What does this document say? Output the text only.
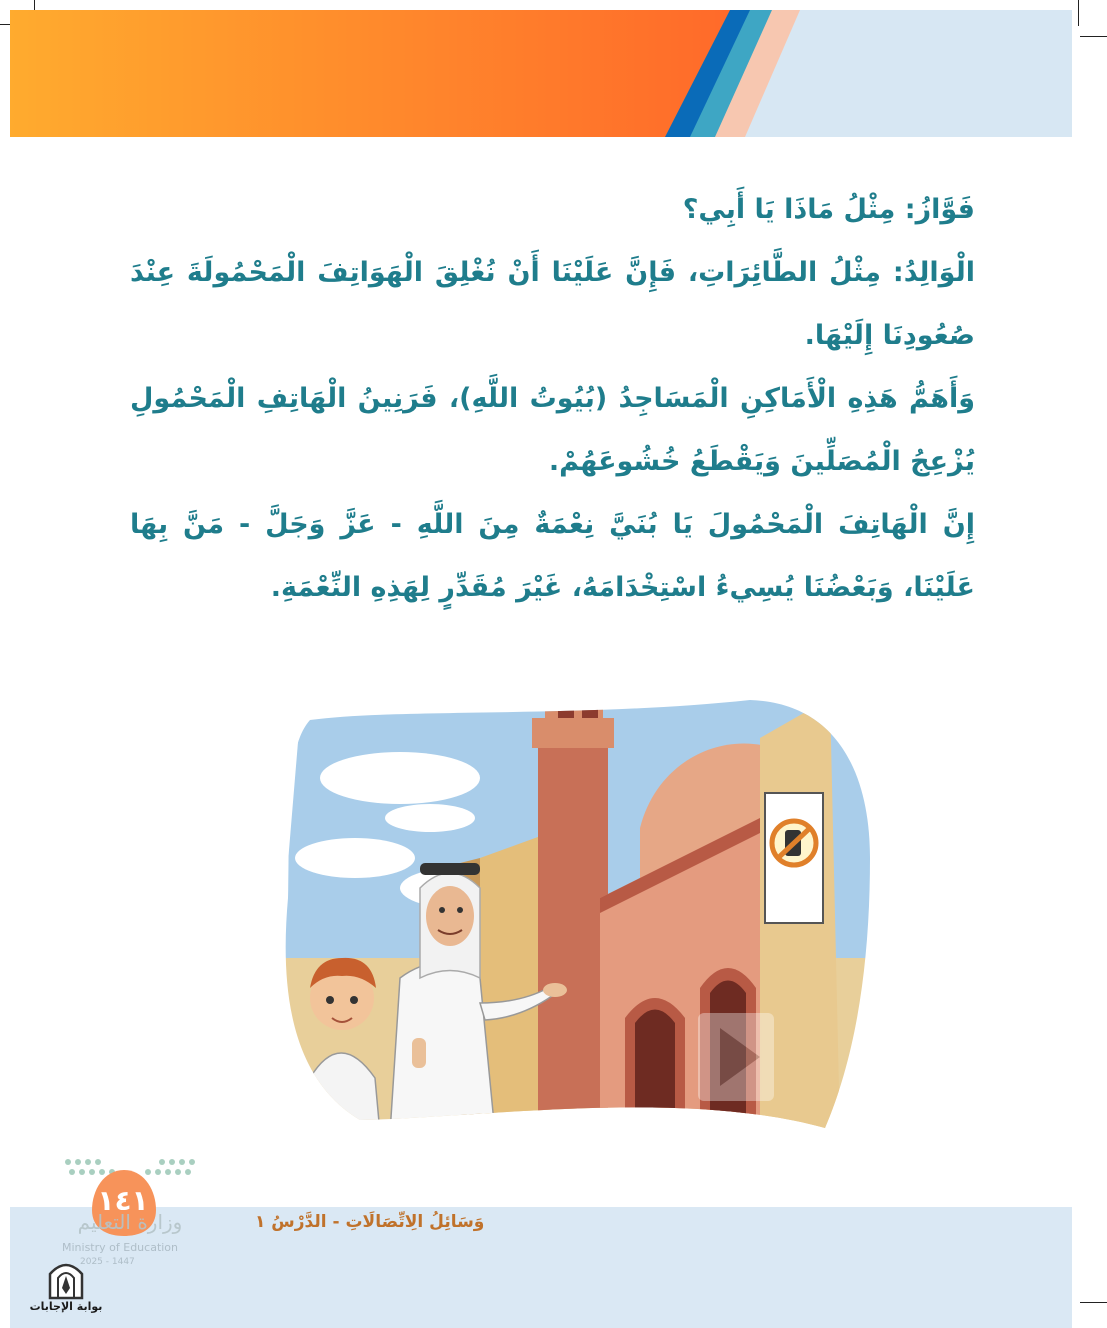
فَوَّازُ: مِثْلُ مَاذَا يَا أَبِي؟

الْوَالِدُ: مِثْلُ الطَّائِرَاتِ، فَإِنَّ عَلَيْنَا أَنْ نُغْلِقَ الْهَوَاتِفَ الْمَحْمُولَةَ عِنْدَ صُعُودِنَا إِلَيْهَا.

وَأَهَمُّ هَذِهِ الْأَمَاكِنِ الْمَسَاجِدُ (بُيُوتُ اللَّهِ)، فَرَنِينُ الْهَاتِفِ الْمَحْمُولِ يُزْعِجُ الْمُصَلِّينَ وَيَقْطَعُ خُشُوعَهُمْ.

إِنَّ الْهَاتِفَ الْمَحْمُولَ يَا بُنَيَّ نِعْمَةٌ مِنَ اللَّهِ - عَزَّ وَجَلَّ - مَنَّ بِهَا عَلَيْنَا، وَبَعْضُنَا يُسِيءُ اسْتِخْدَامَهُ، غَيْرَ مُقَدِّرٍ لِهَذِهِ النِّعْمَةِ.

وَسَائِلُ الِاتِّصَالَاتِ - الدَّرْسُ ١
١٤١
وزارة التعليم
Ministry of Education
2025 - 1447
بوابة الإجابات
